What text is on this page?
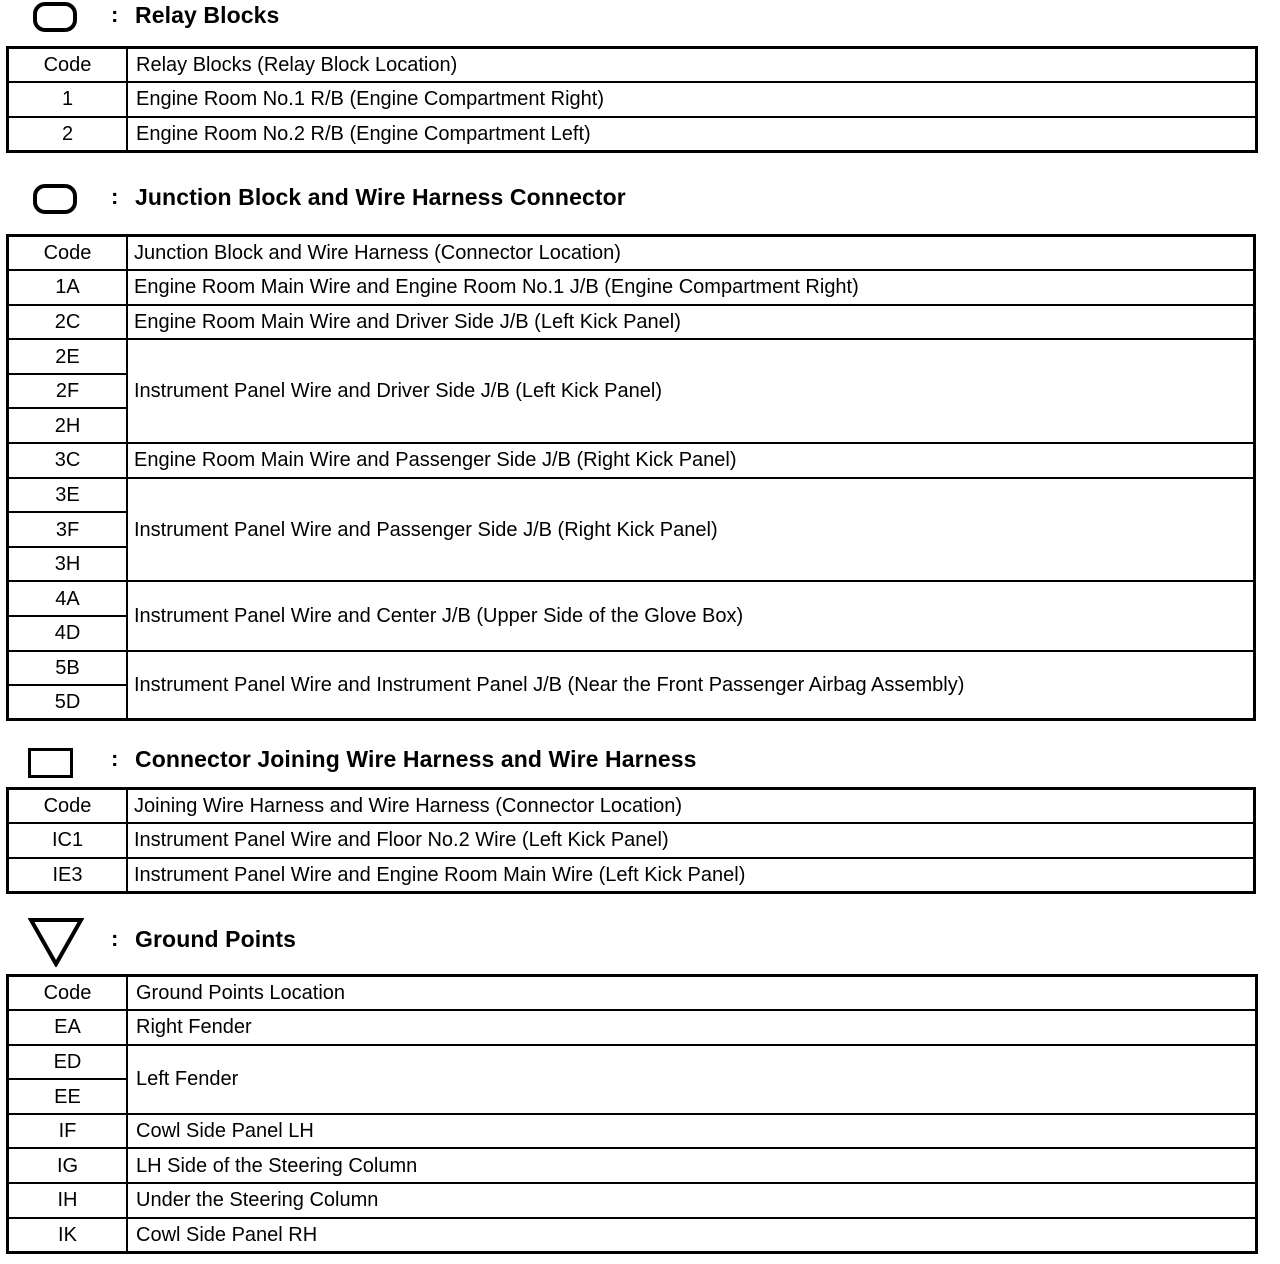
: Relay Blocks
Code	Relay Blocks (Relay Block Location)
1	Engine Room No.1 R/B (Engine Compartment Right)
2	Engine Room No.2 R/B (Engine Compartment Left)
: Junction Block and Wire Harness Connector
Code	Junction Block and Wire Harness (Connector Location)
1A	Engine Room Main Wire and Engine Room No.1 J/B (Engine Compartment Right)
2C	Engine Room Main Wire and Driver Side J/B (Left Kick Panel)
2E	Instrument Panel Wire and Driver Side J/B (Left Kick Panel)
2F	
2H	
3C	Engine Room Main Wire and Passenger Side J/B (Right Kick Panel)
3E	Instrument Panel Wire and Passenger Side J/B (Right Kick Panel)
3F	
3H	
4A	Instrument Panel Wire and Center J/B (Upper Side of the Glove Box)
4D	
5B	Instrument Panel Wire and Instrument Panel J/B (Near the Front Passenger Airbag Assembly)
5D	
: Connector Joining Wire Harness and Wire Harness
Code	Joining Wire Harness and Wire Harness (Connector Location)
IC1	Instrument Panel Wire and Floor No.2 Wire (Left Kick Panel)
IE3	Instrument Panel Wire and Engine Room Main Wire (Left Kick Panel)
: Ground Points
Code	Ground Points Location
EA	Right Fender
ED	Left Fender
EE	
IF	Cowl Side Panel LH
IG	LH Side of the Steering Column
IH	Under the Steering Column
IK	Cowl Side Panel RH
